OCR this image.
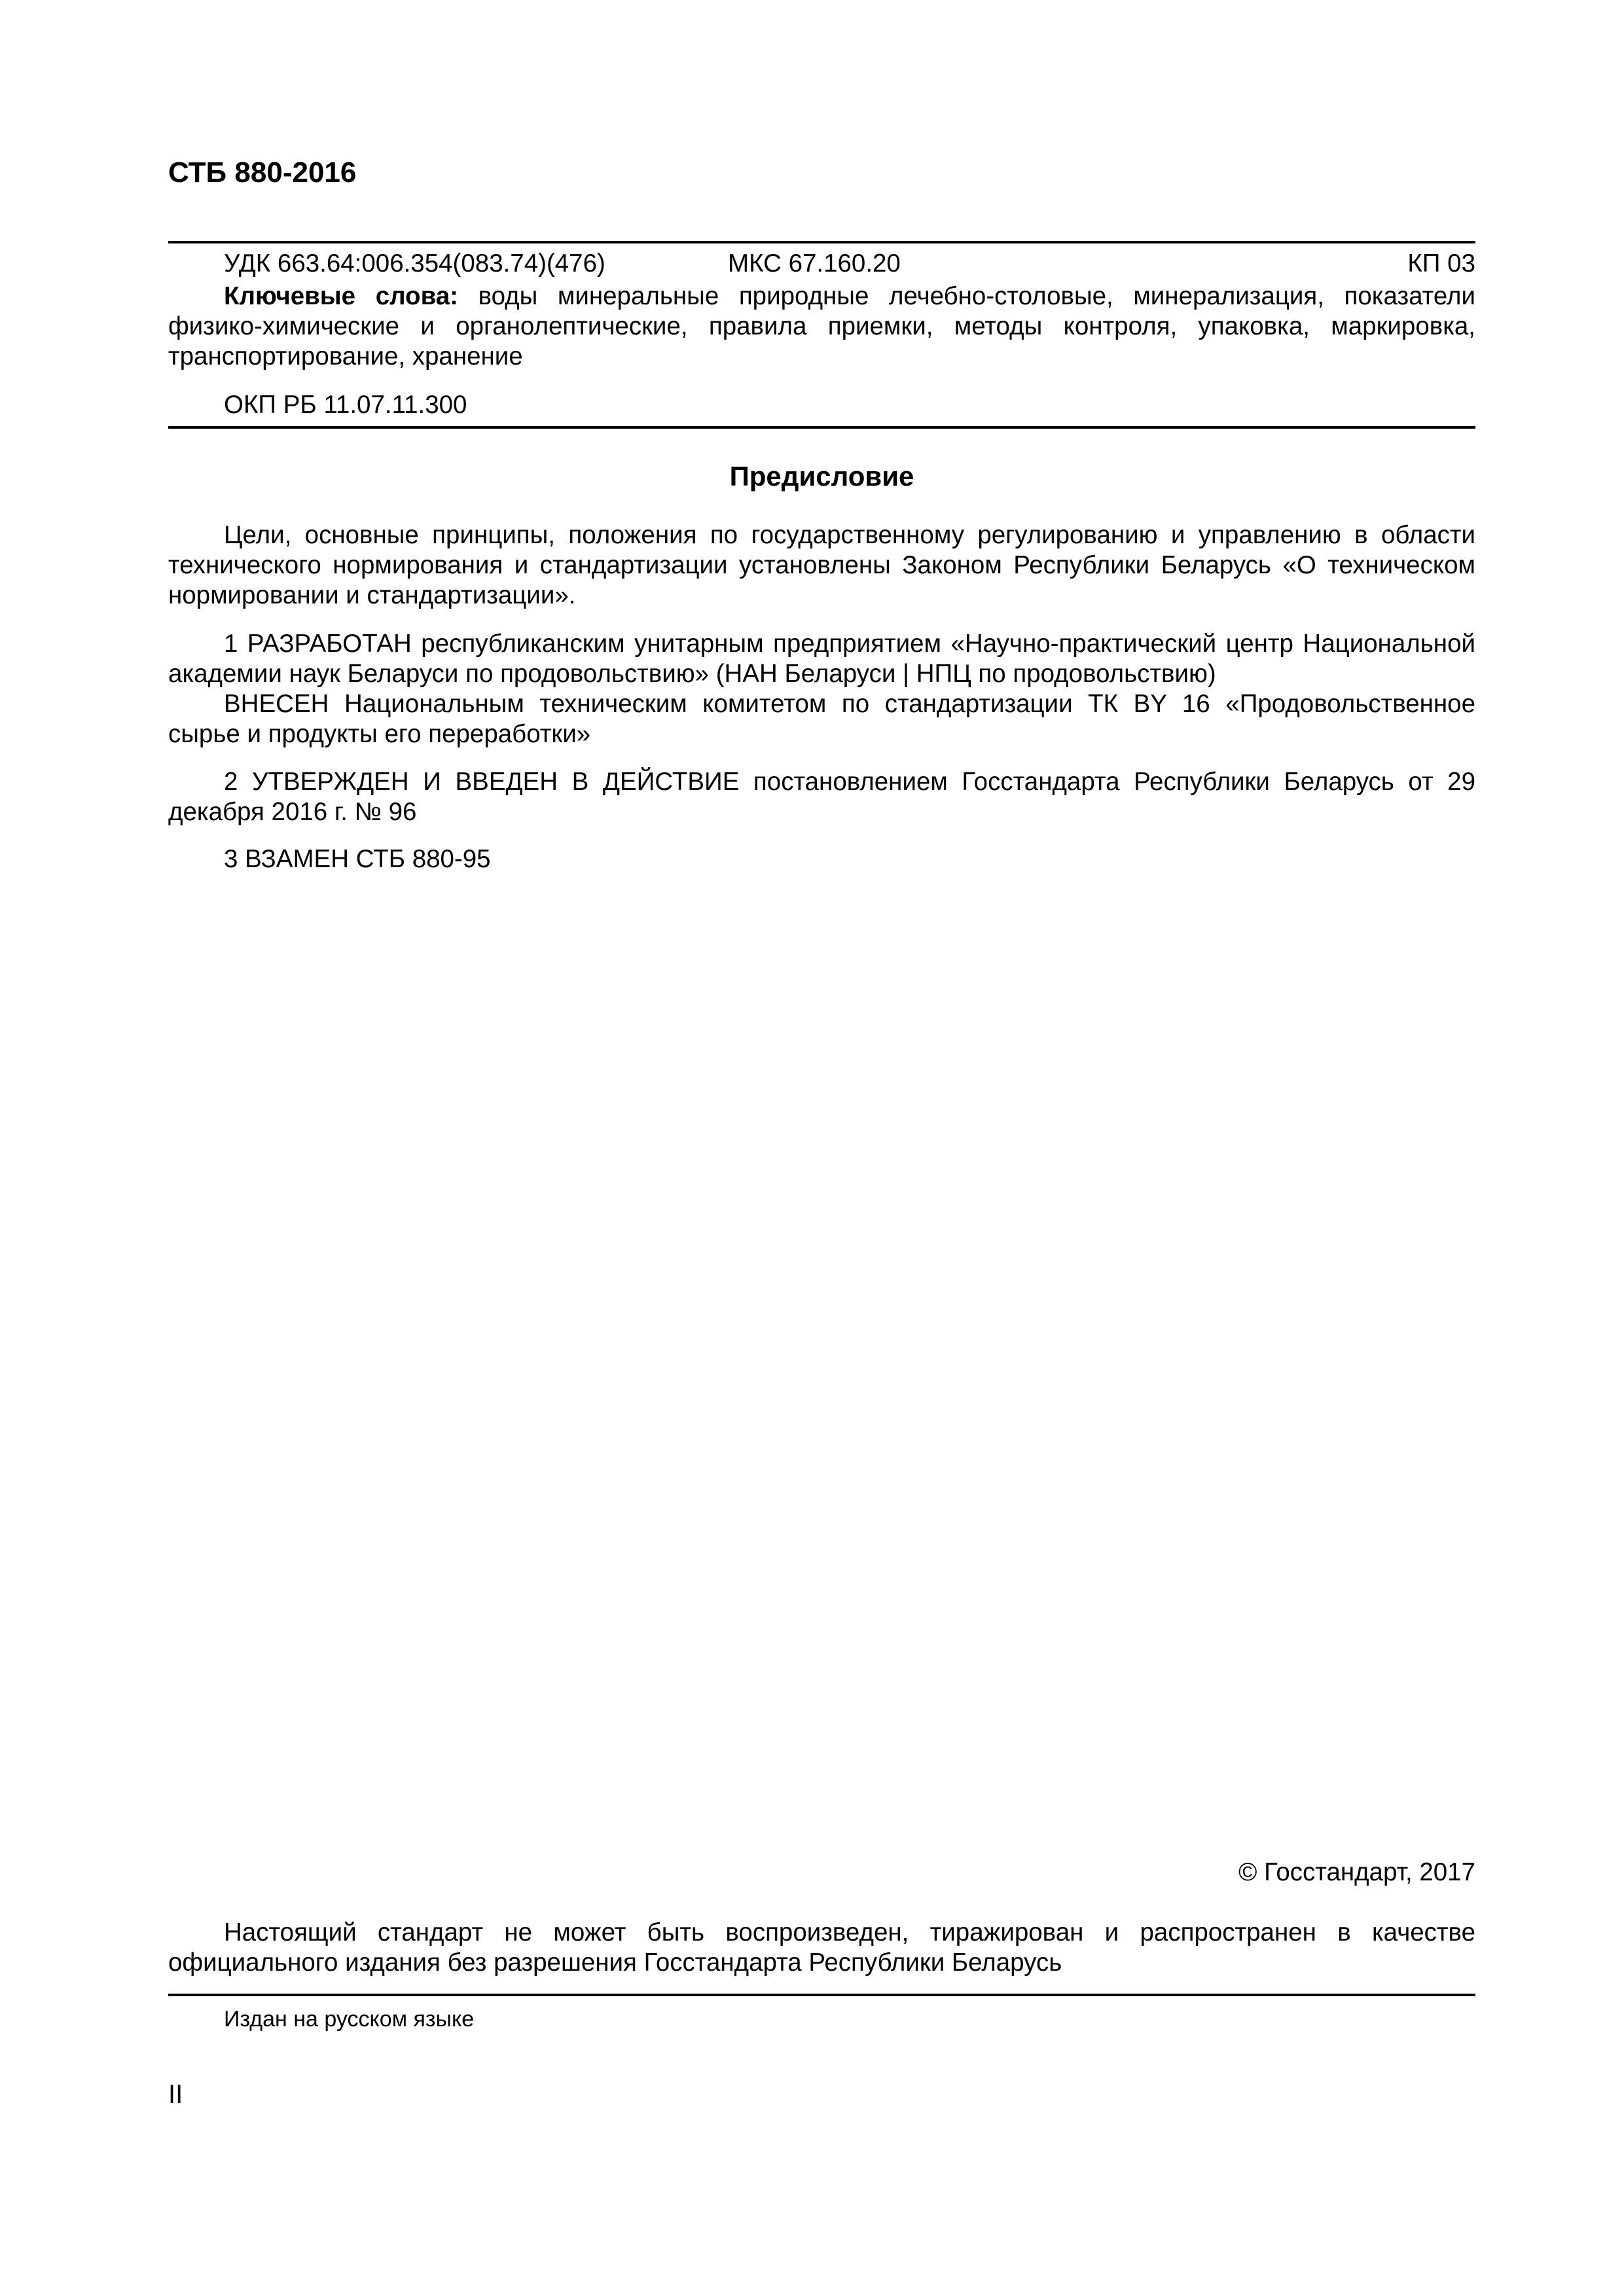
СТБ 880-2016
УДК 663.64:006.354(083.74)(476)	МКС 67.160.20	КП 03
Ключевые слова: воды минеральные природные лечебно-столовые, минерализация, показатели физико-химические и органолептические, правила приемки, методы контроля, упаковка, маркировка, транспортирование, хранение
ОКП РБ 11.07.11.300
Предисловие
Цели, основные принципы, положения по государственному регулированию и управлению в области технического нормирования и стандартизации установлены Законом Республики Беларусь «О техническом нормировании и стандартизации».
1 РАЗРАБОТАН республиканским унитарным предприятием «Научно-практический центр Национальной академии наук Беларуси по продовольствию» (НАН Беларуси | НПЦ по продовольствию)
ВНЕСЕН Национальным техническим комитетом по стандартизации ТК BY 16 «Продовольственное сырье и продукты его переработки»
2 УТВЕРЖДЕН И ВВЕДЕН В ДЕЙСТВИЕ постановлением Госстандарта Республики Беларусь от 29 декабря 2016 г. № 96
3 ВЗАМЕН СТБ 880-95
© Госстандарт, 2017
Настоящий стандарт не может быть воспроизведен, тиражирован и распространен в качестве официального издания без разрешения Госстандарта Республики Беларусь
Издан на русском языке
II
